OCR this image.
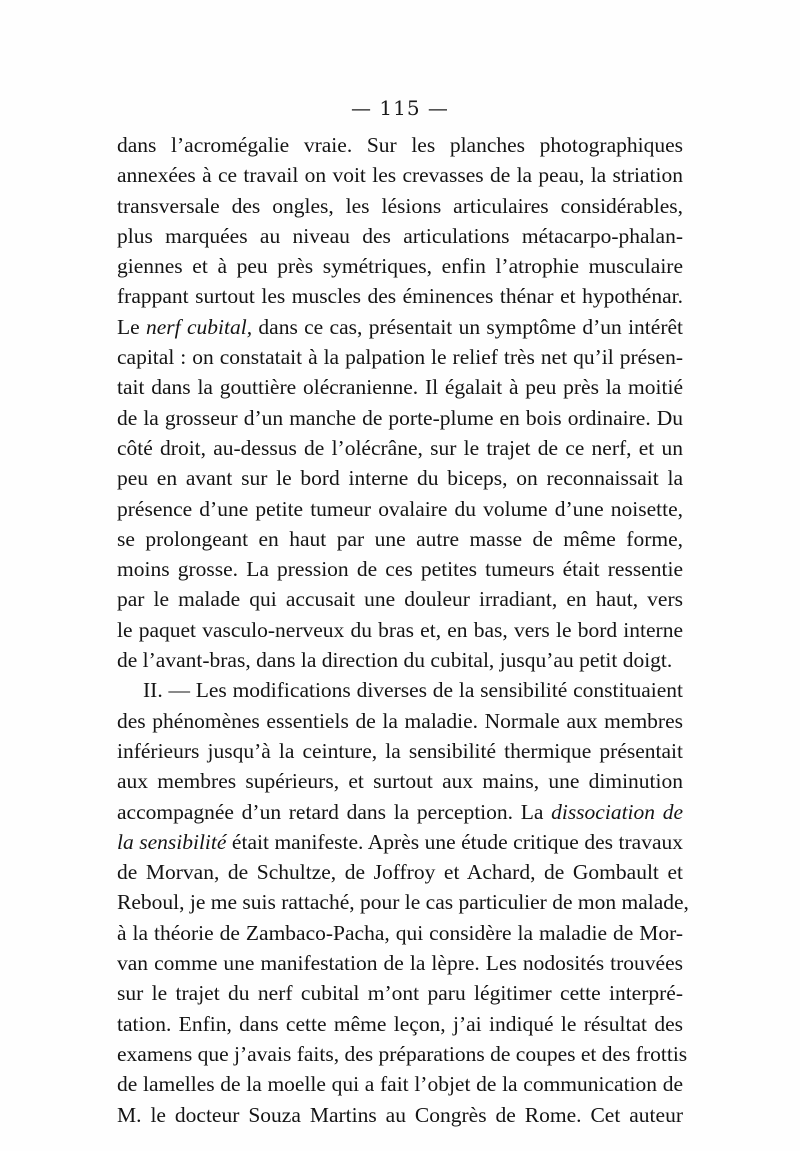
— 115 —
dans l’acromégalie vraie. Sur les planches photographiques
annexées à ce travail on voit les crevasses de la peau, la striation
transversale des ongles, les lésions articulaires considérables,
plus marquées au niveau des articulations métacarpo-phalan-
giennes et à peu près symétriques, enfin l’atrophie musculaire
frappant surtout les muscles des éminences thénar et hypothénar.
Le nerf cubital, dans ce cas, présentait un symptôme d’un intérêt
capital : on constatait à la palpation le relief très net qu’il présen-
tait dans la gouttière olécranienne. Il égalait à peu près la moitié
de la grosseur d’un manche de porte-plume en bois ordinaire. Du
côté droit, au-dessus de l’olécrâne, sur le trajet de ce nerf, et un
peu en avant sur le bord interne du biceps, on reconnaissait la
présence d’une petite tumeur ovalaire du volume d’une noisette,
se prolongeant en haut par une autre masse de même forme,
moins grosse. La pression de ces petites tumeurs était ressentie
par le malade qui accusait une douleur irradiant, en haut, vers
le paquet vasculo-nerveux du bras et, en bas, vers le bord interne
de l’avant-bras, dans la direction du cubital, jusqu’au petit doigt.
II. — Les modifications diverses de la sensibilité constituaient
des phénomènes essentiels de la maladie. Normale aux membres
inférieurs jusqu’à la ceinture, la sensibilité thermique présentait
aux membres supérieurs, et surtout aux mains, une diminution
accompagnée d’un retard dans la perception. La dissociation de
la sensibilité était manifeste. Après une étude critique des travaux
de Morvan, de Schultze, de Joffroy et Achard, de Gombault et
Reboul, je me suis rattaché, pour le cas particulier de mon malade,
à la théorie de Zambaco-Pacha, qui considère la maladie de Mor-
van comme une manifestation de la lèpre. Les nodosités trouvées
sur le trajet du nerf cubital m’ont paru légitimer cette interpré-
tation. Enfin, dans cette même leçon, j’ai indiqué le résultat des
examens que j’avais faits, des préparations de coupes et des frottis
de lamelles de la moelle qui a fait l’objet de la communication de
M. le docteur Souza Martins au Congrès de Rome. Cet auteur
